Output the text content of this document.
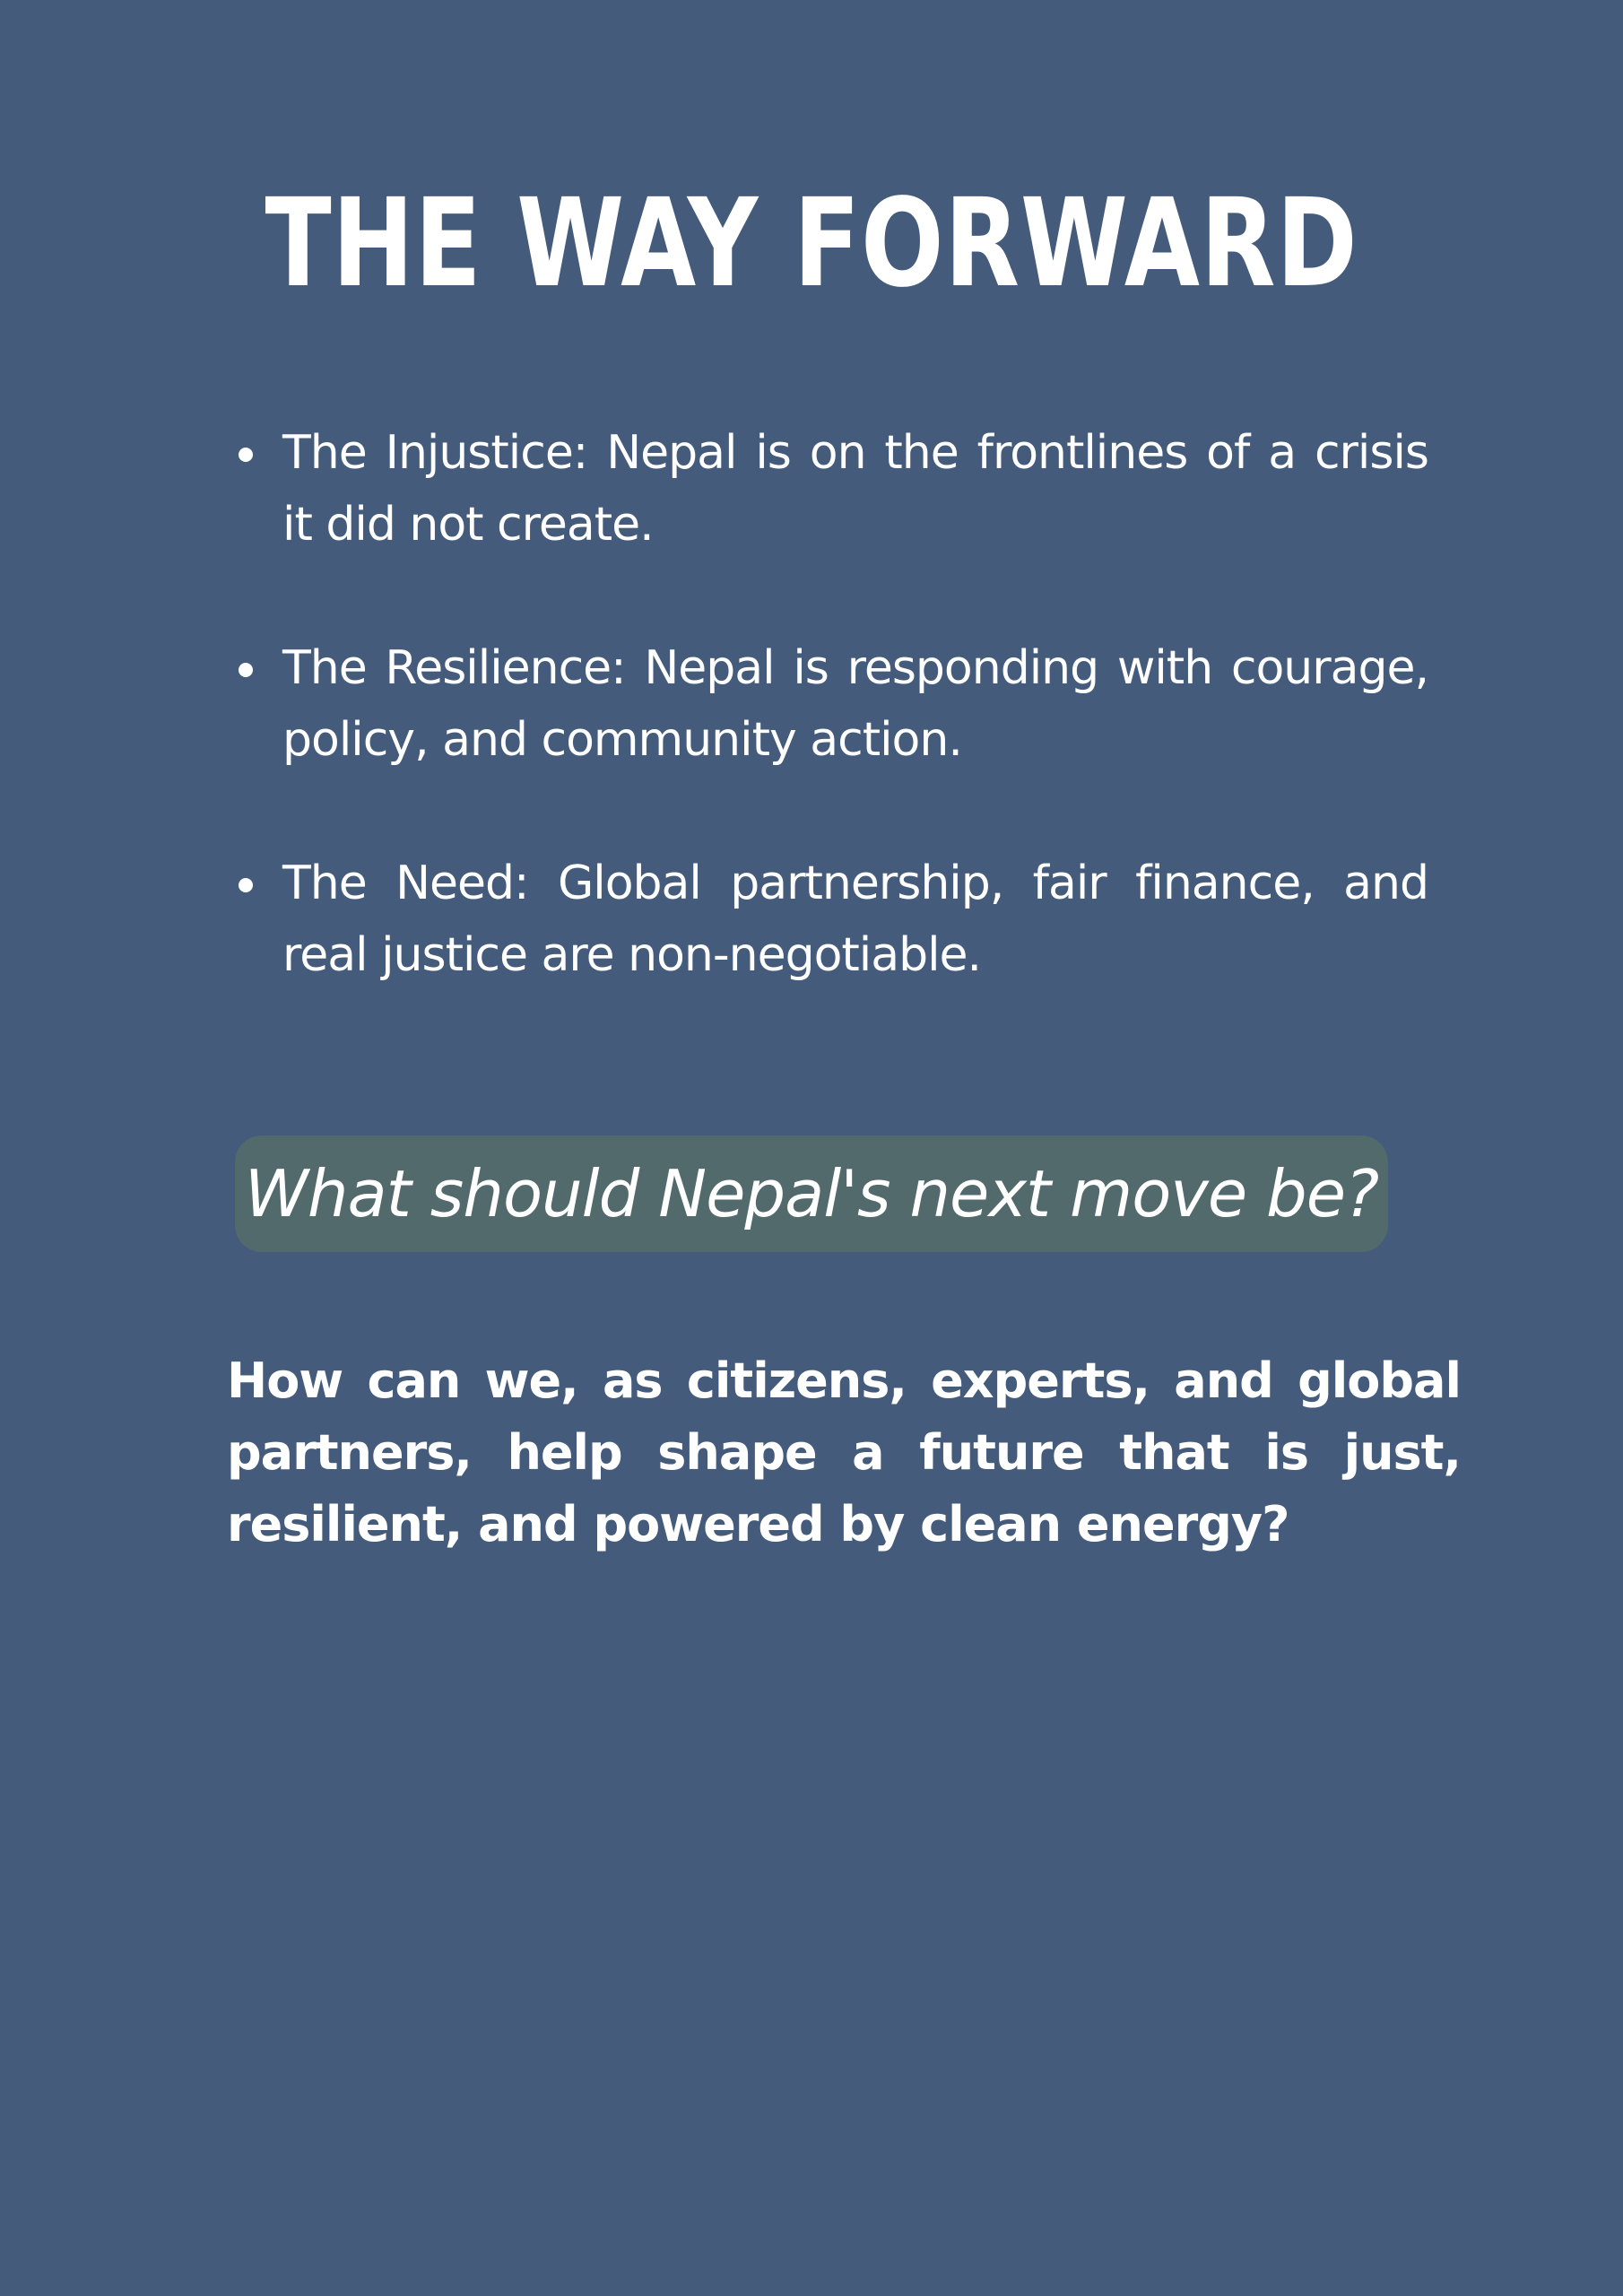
THE WAY FORWARD
The Injustice: Nepal is on the frontlines of a crisis it did not create.
The Resilience: Nepal is responding with courage, policy, and community action.
The Need: Global partnership, fair finance, and real justice are non-negotiable.
What should Nepal's next move be?

How can we, as citizens, experts, and global partners, help shape a future that is just, resilient, and powered by clean energy?
